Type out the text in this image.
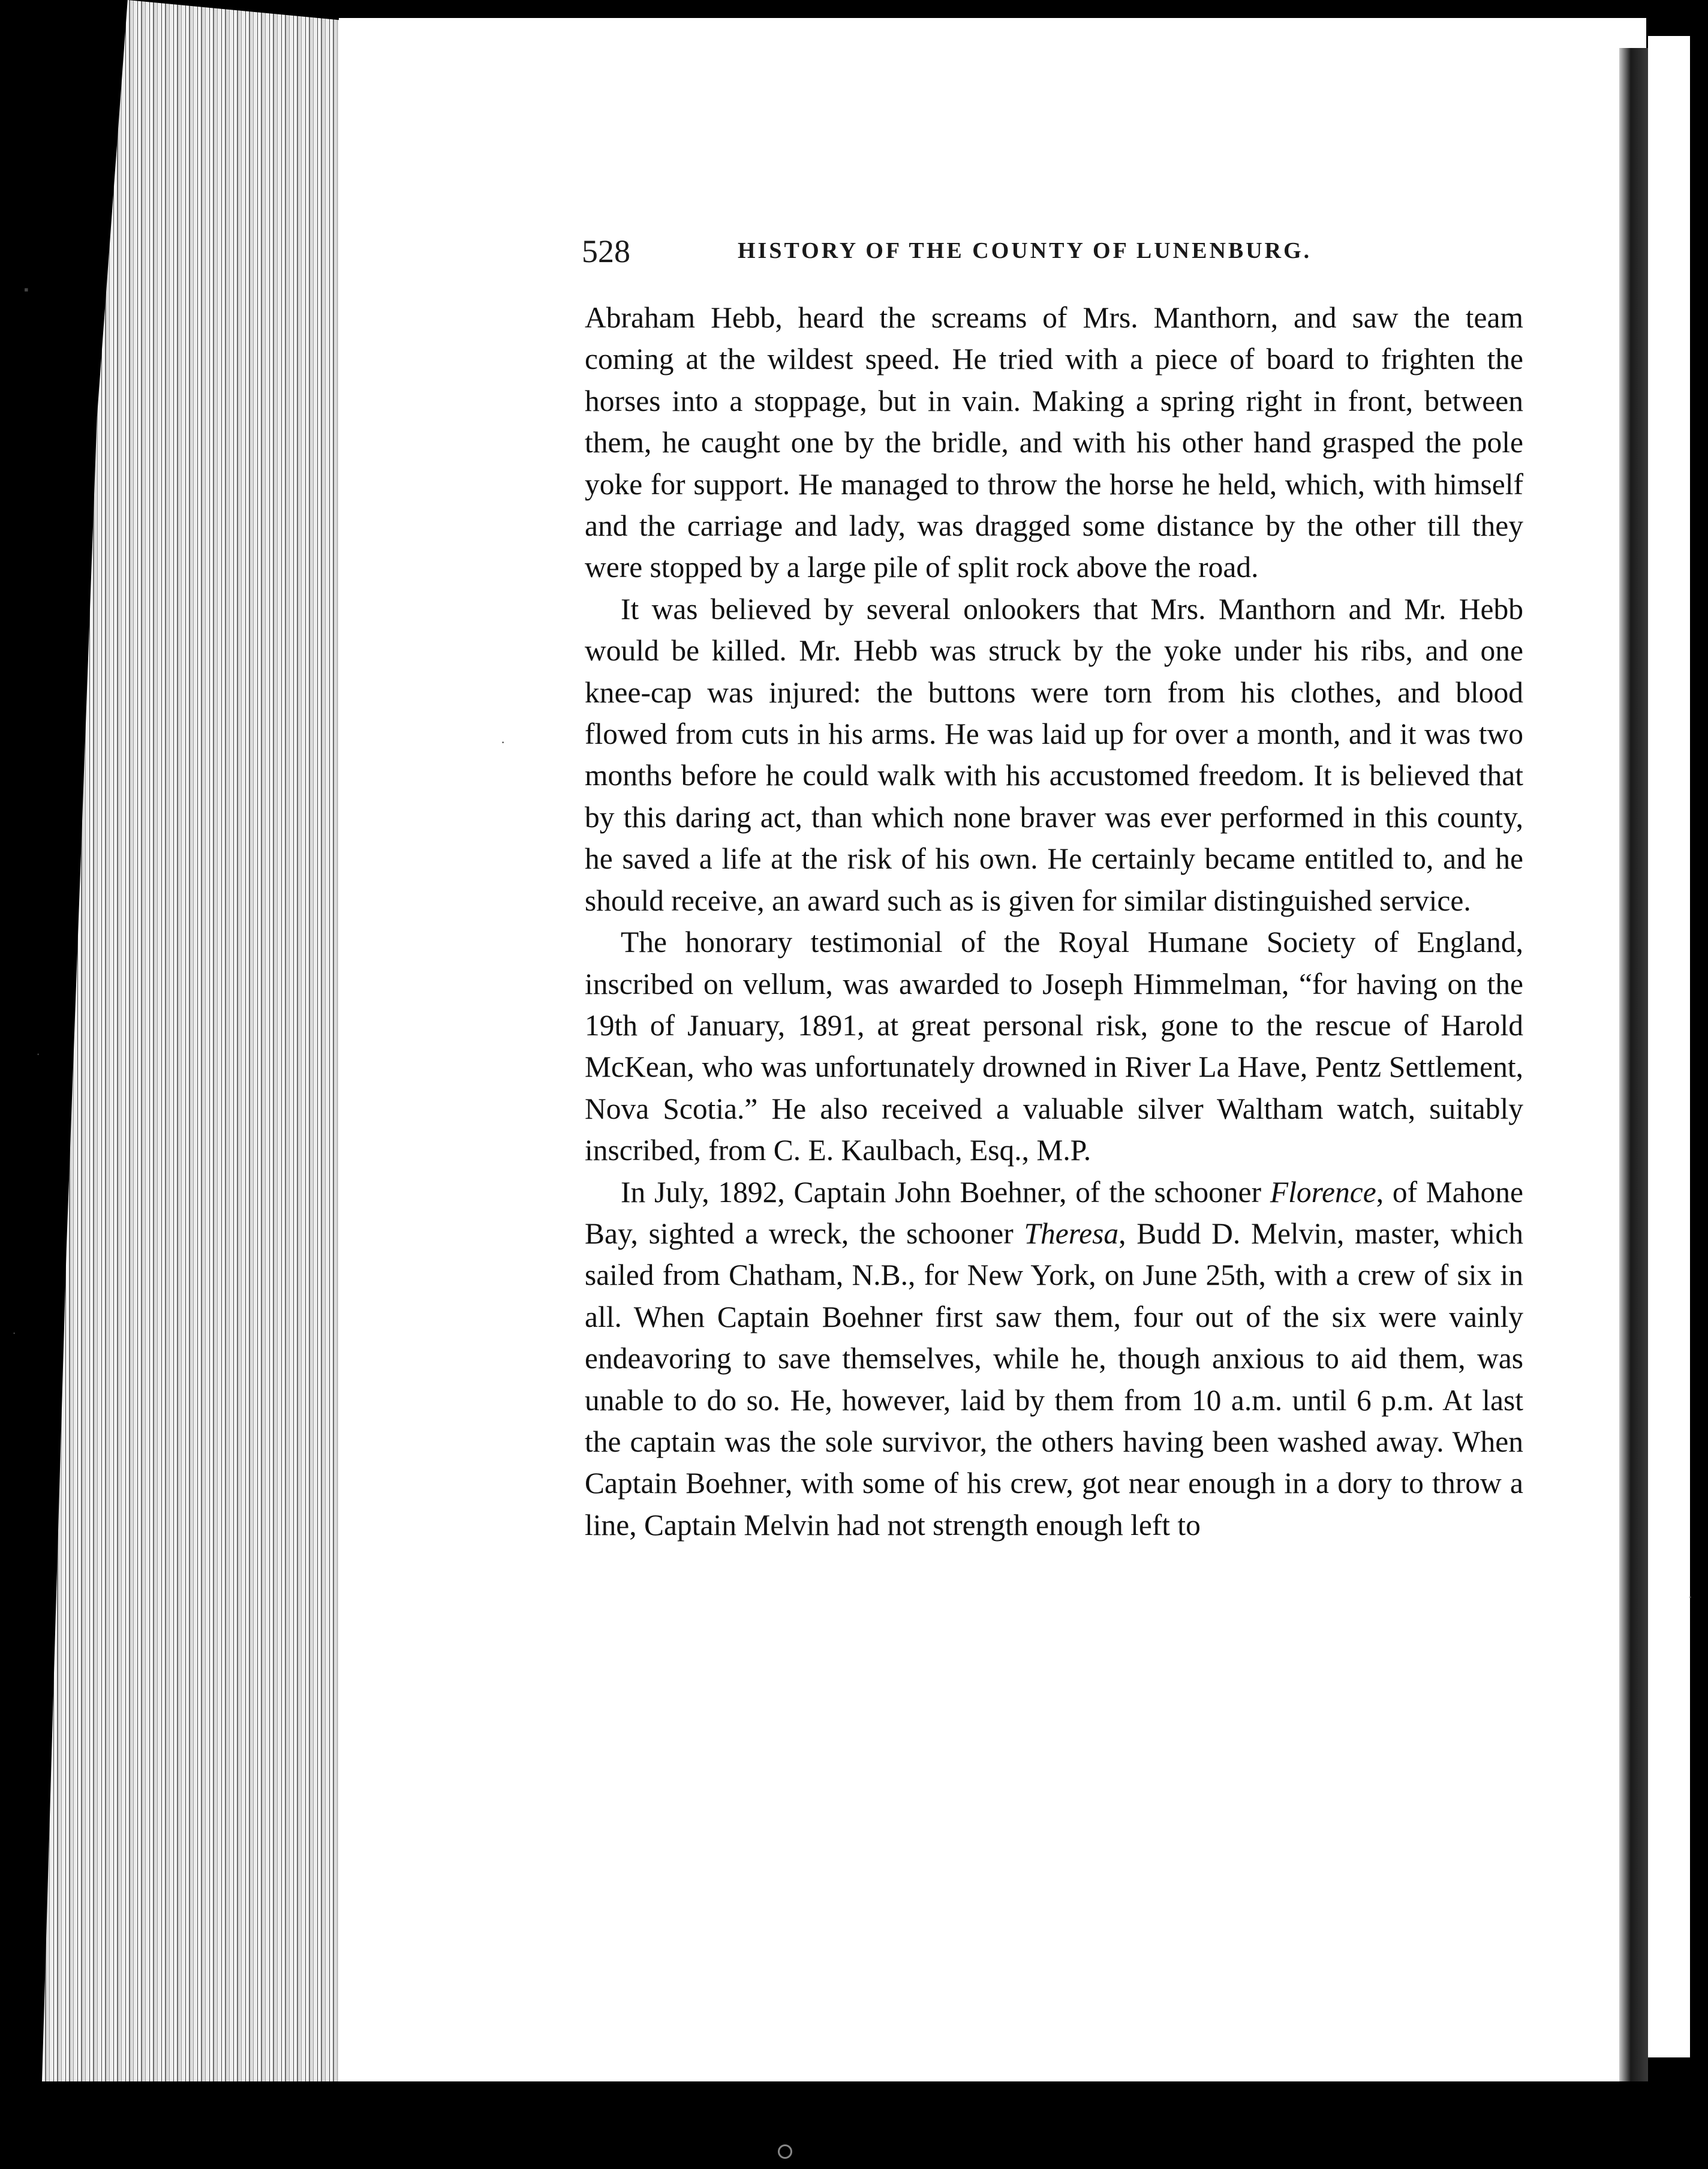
▪
·
·
·
·
528	HISTORY OF THE COUNTY OF LUNENBURG.

Abraham Hebb, heard the screams of Mrs. Manthorn, and saw the team coming at the wildest speed. He tried with a piece of board to frighten the horses into a stoppage, but in vain. Making a spring right in front, between them, he caught one by the bridle, and with his other hand grasped the pole yoke for support. He managed to throw the horse he held, which, with himself and the carriage and lady, was dragged some distance by the other till they were stopped by a large pile of split rock above the road.

It was believed by several onlookers that Mrs. Manthorn and Mr. Hebb would be killed. Mr. Hebb was struck by the yoke under his ribs, and one knee-cap was injured: the buttons were torn from his clothes, and blood flowed from cuts in his arms. He was laid up for over a month, and it was two months before he could walk with his accustomed freedom. It is believed that by this daring act, than which none braver was ever performed in this county, he saved a life at the risk of his own. He certainly became entitled to, and he should receive, an award such as is given for similar distinguished service.

The honorary testimonial of the Royal Humane Society of England, inscribed on vellum, was awarded to Joseph Himmelman, “for having on the 19th of January, 1891, at great personal risk, gone to the rescue of Harold McKean, who was unfortunately drowned in River La Have, Pentz Settlement, Nova Scotia.” He also received a valuable silver Waltham watch, suitably inscribed, from C. E. Kaulbach, Esq., M.P.

In July, 1892, Captain John Boehner, of the schooner Florence, of Mahone Bay, sighted a wreck, the schooner Theresa, Budd D. Melvin, master, which sailed from Chatham, N.B., for New York, on June 25th, with a crew of six in all. When Captain Boehner first saw them, four out of the six were vainly endeavoring to save themselves, while he, though anxious to aid them, was unable to do so. He, however, laid by them from 10 a.m. until 6 p.m. At last the captain was the sole survivor, the others having been washed away. When Captain Boehner, with some of his crew, got near enough in a dory to throw a line, Captain Melvin had not strength enough left to
